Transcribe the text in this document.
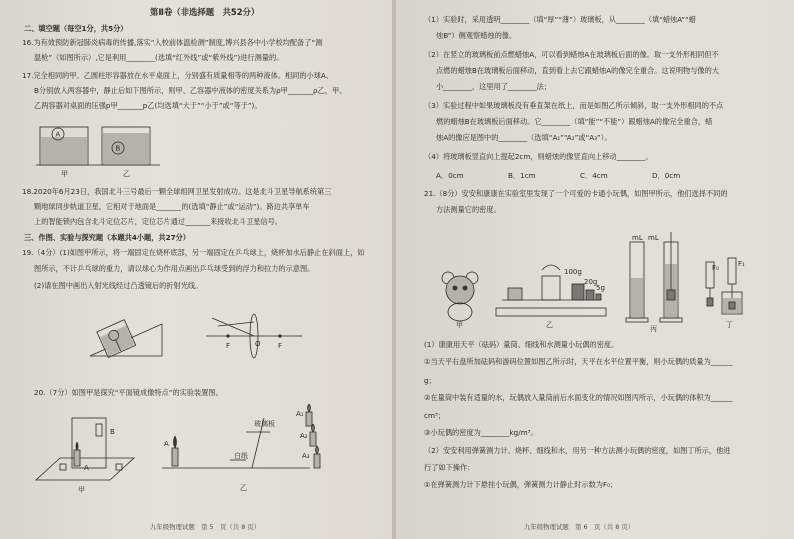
第Ⅱ卷（非选择题　共52分）
二、填空题（每空1分，共5分）
16.为有效预防新冠肺炎病毒的传播,落实“入校前体温检测”制度,博兴县各中小学校均配备了“测
温枪”（如图所示）,它是利用________(选填“红外线”或“紫外线”)进行测量的。
17.完全相同的甲、乙圆柱形容器放在水平桌面上，分别盛有质量相等的两种液体。相同的小球A、
B分别放入两容器中，静止后如下图所示，则甲、乙容器中液体的密度关系为ρ甲_______ρ乙，甲、
乙两容器对桌面的压强p甲_______p乙(均选填“大于”“小于”或“等于”)。
A
B
甲	乙
18.2020年6月23日，我国北斗三号最后一颗全球组网卫星发射成功。这是北斗卫星导航系统第三
颗地球同步轨道卫星，它相对于地面是_______的(选填“静止”或“运动”)。路边共享单车
上的智能锁内包含北斗定位芯片，定位芯片通过_______来接收北斗卫星信号。
三、作图、实验与探究题（本题共4小题，共27分）
19.（4分）(1)如图甲所示，将一端固定在烧杯底部，另一端固定在乒乓球上，烧杯加水后静止在斜面上，如
图所示，不计乒乓球的重力，请以球心为作用点画出乒乓球受到的浮力和拉力的示意图。
(2)请在图中画出入射光线经过凸透镜后的折射光线。
F	F
O
20.（7分）如图甲是探究“平面镜成像特点”的实验装置图。
B
A
甲
A
玻璃板
白纸
乙
A₁
A₂
A₃
九年级物理试题　第 5　页（共 8 页）
（1）实验时，采用透明________（填“厚”“薄”）玻璃板，从________（填“蜡烛A”“蜡
烛B”）侧观察蜡烛的像。
（2）在竖立的玻璃板前点燃蜡烛A，可以看到蜡烛A在玻璃板后面的像。取一支外形相同但不
点燃的蜡烛B在玻璃板后面移动，直到看上去它跟蜡烛A的像完全重合。这说明物与像的大
小________，这里用了________法；
（3）实验过程中如果玻璃板没有垂直架在纸上，而是如图乙所示倾斜，取一支外形相同的不点
燃的蜡烛B在玻璃板后面移动。它________（填“能”“不能”）跟蜡烛A的像完全重合，蜡
烛A的像应是图中的________（选填“A₁”“A₂”或“A₃”）。
（4）将玻璃板竖直向上提起2cm，则蜡烛的像竖直向上移动________。
A．0cm	B．1cm	C．4cm	D．0cm
21.（8分）安安和康康在实验室里发现了一个可爱的卡通小玩偶，如图甲所示，他们选择不同的
方法测量它的密度。
甲
100g
20g
5g
乙
mL mL
丙
F₀	F₁
丁
(1）康康用天平（砝码）量筒、细线和水测量小玩偶的密度。
①当天平右盘所加砝码和游码位置如图乙所示时，天平在水平位置平衡，则小玩偶的质量为______
g；
②在量筒中装有适量的水，玩偶放入量筒前后水面变化的情况如图丙所示，小玩偶的体积为______
cm³；
③小玩偶的密度为________kg/m³。
（2）安安利用弹簧测力计、烧杯、细线和水，用另一种方法测小玩偶的密度，如图丁所示，他进
行了如下操作：
①在弹簧测力计下悬挂小玩偶，弹簧测力计静止时示数为F₀；
九年级物理试题　第 6　页（共 8 页）
